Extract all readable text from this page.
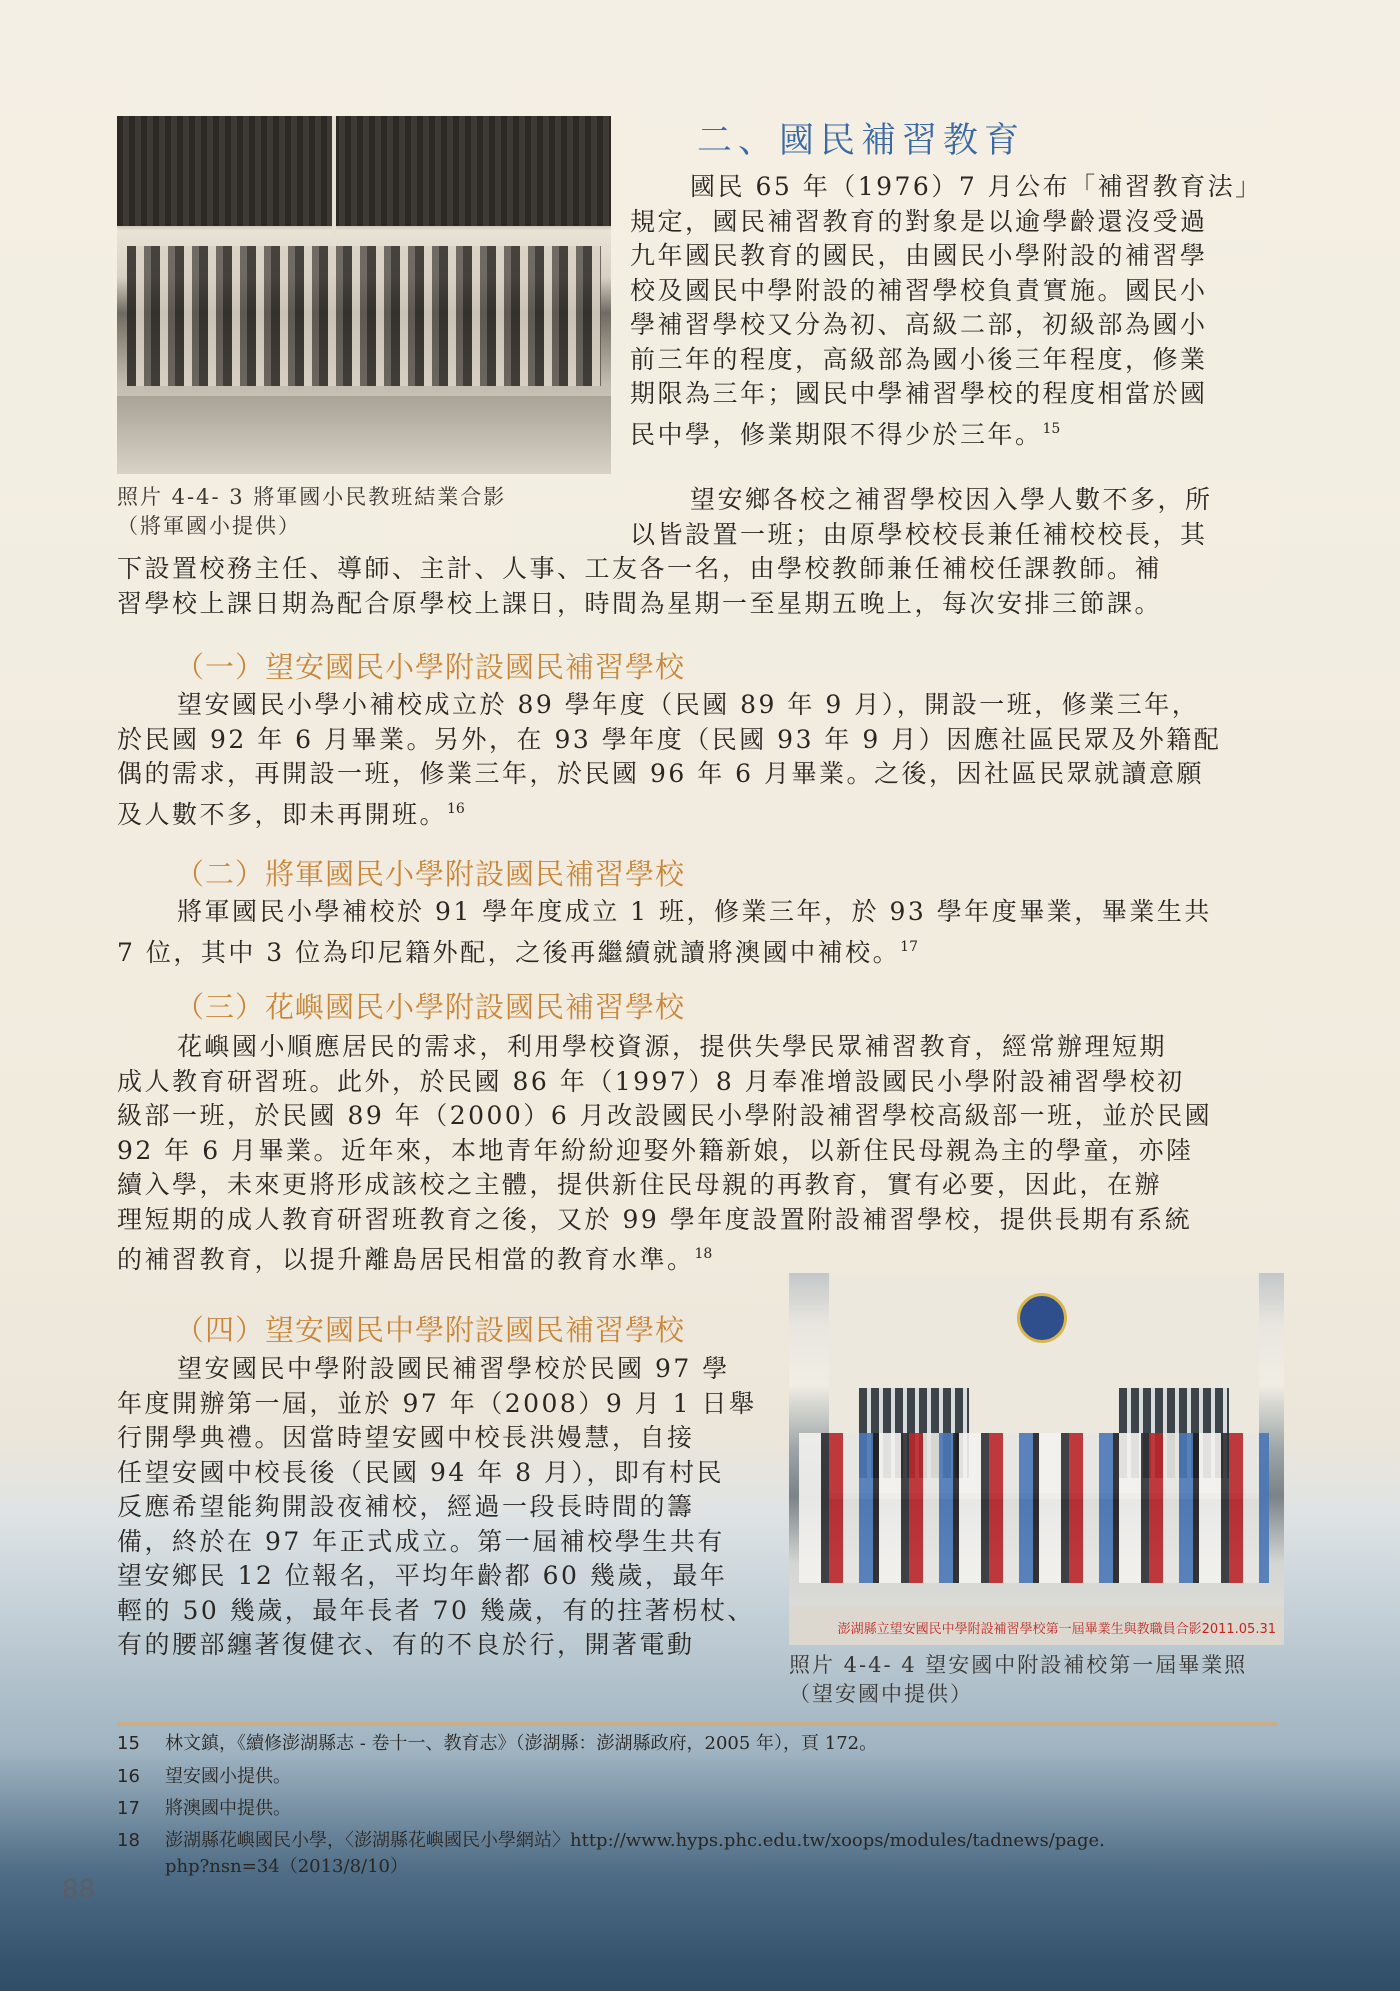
照片 4-4- 3 將軍國小民教班結業合影
（將軍國小提供）
二、國民補習教育
國民 65 年（1976）7 月公布「補習教育法」
規定，國民補習教育的對象是以逾學齡還沒受過
九年國民教育的國民，由國民小學附設的補習學
校及國民中學附設的補習學校負責實施。國民小
學補習學校又分為初、高級二部，初級部為國小
前三年的程度，高級部為國小後三年程度，修業
期限為三年；國民中學補習學校的程度相當於國
民中學，修業期限不得少於三年。$^{15}$
望安鄉各校之補習學校因入學人數不多，所
以皆設置一班；由原學校校長兼任補校校長，其
下設置校務主任、導師、主計、人事、工友各一名，由學校教師兼任補校任課教師。補
習學校上課日期為配合原學校上課日，時間為星期一至星期五晚上，每次安排三節課。
（一）望安國民小學附設國民補習學校
望安國民小學小補校成立於 89 學年度（民國 89 年 9 月），開設一班，修業三年，
於民國 92 年 6 月畢業。另外，在 93 學年度（民國 93 年 9 月）因應社區民眾及外籍配
偶的需求，再開設一班，修業三年，於民國 96 年 6 月畢業。之後，因社區民眾就讀意願
及人數不多，即未再開班。$^{16}$
（二）將軍國民小學附設國民補習學校
將軍國民小學補校於 91 學年度成立 1 班，修業三年，於 93 學年度畢業，畢業生共
7 位，其中 3 位為印尼籍外配，之後再繼續就讀將澳國中補校。$^{17}$
（三）花嶼國民小學附設國民補習學校
花嶼國小順應居民的需求，利用學校資源，提供失學民眾補習教育，經常辦理短期
成人教育研習班。此外，於民國 86 年（1997）8 月奉准增設國民小學附設補習學校初
級部一班，於民國 89 年（2000）6 月改設國民小學附設補習學校高級部一班，並於民國
92 年 6 月畢業。近年來，本地青年紛紛迎娶外籍新娘，以新住民母親為主的學童，亦陸
續入學，未來更將形成該校之主體，提供新住民母親的再教育，實有必要，因此，在辦
理短期的成人教育研習班教育之後，又於 99 學年度設置附設補習學校，提供長期有系統
的補習教育，以提升離島居民相當的教育水準。$^{18}$
（四）望安國民中學附設國民補習學校
望安國民中學附設國民補習學校於民國 97 學
年度開辦第一屆，並於 97 年（2008）9 月 1 日舉
行開學典禮。因當時望安國中校長洪嫚慧，自接
任望安國中校長後（民國 94 年 8 月），即有村民
反應希望能夠開設夜補校，經過一段長時間的籌
備，終於在 97 年正式成立。第一屆補校學生共有
望安鄉民 12 位報名，平均年齡都 60 幾歲，最年
輕的 50 幾歲，最年長者 70 幾歲，有的拄著枴杖、
有的腰部纏著復健衣、有的不良於行，開著電動
澎湖縣立望安國民中學附設補習學校第一屆畢業生與教職員合影2011.05.31
照片 4-4- 4 望安國中附設補校第一屆畢業照
（望安國中提供）
15 林文鎮，《續修澎湖縣志 - 卷十一、教育志》（澎湖縣：澎湖縣政府，2005 年），頁 172。
16 望安國小提供。
17 將澳國中提供。
18 澎湖縣花嶼國民小學，〈澎湖縣花嶼國民小學網站〉http://www.hyps.phc.edu.tw/xoops/modules/tadnews/page.
php?nsn=34（2013/8/10）
88
